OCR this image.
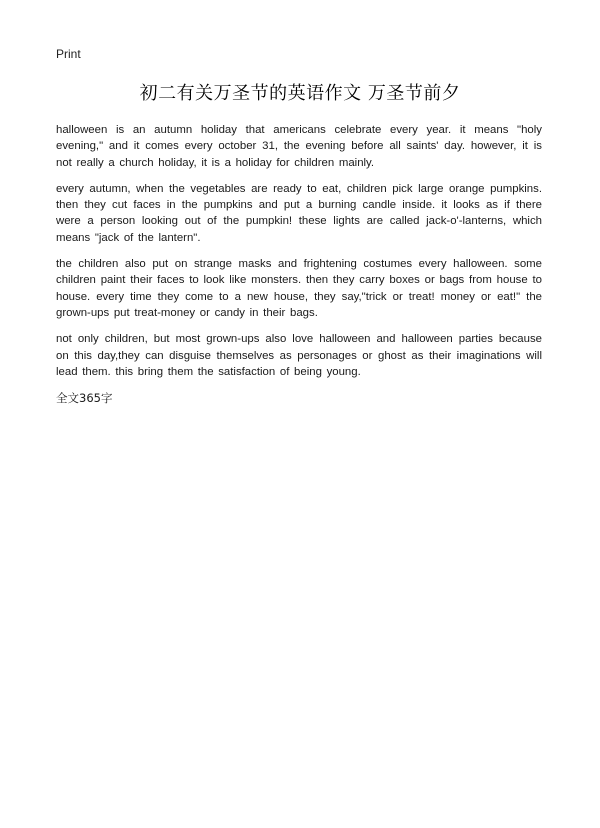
Print
初二有关万圣节的英语作文 万圣节前夕

halloween is an autumn holiday that americans celebrate every year. it means "holy evening," and it comes every october 31, the evening before all saints' day. however, it is not really a church holiday, it is a holiday for children mainly.

every autumn, when the vegetables are ready to eat, children pick large orange pumpkins. then they cut faces in the pumpkins and put a burning candle inside. it looks as if there were a person looking out of the pumpkin! these lights are called jack-o'-lanterns, which means "jack of the lantern".

the children also put on strange masks and frightening costumes every halloween. some children paint their faces to look like monsters. then they carry boxes or bags from house to house. every time they come to a new house, they say,"trick or treat! money or eat!" the grown-ups put treat-money or candy in their bags.

not only children, but most grown-ups also love halloween and halloween parties because on this day,they can disguise themselves as personages or ghost as their imaginations will lead them. this bring them the satisfaction of being young.

全文365字
